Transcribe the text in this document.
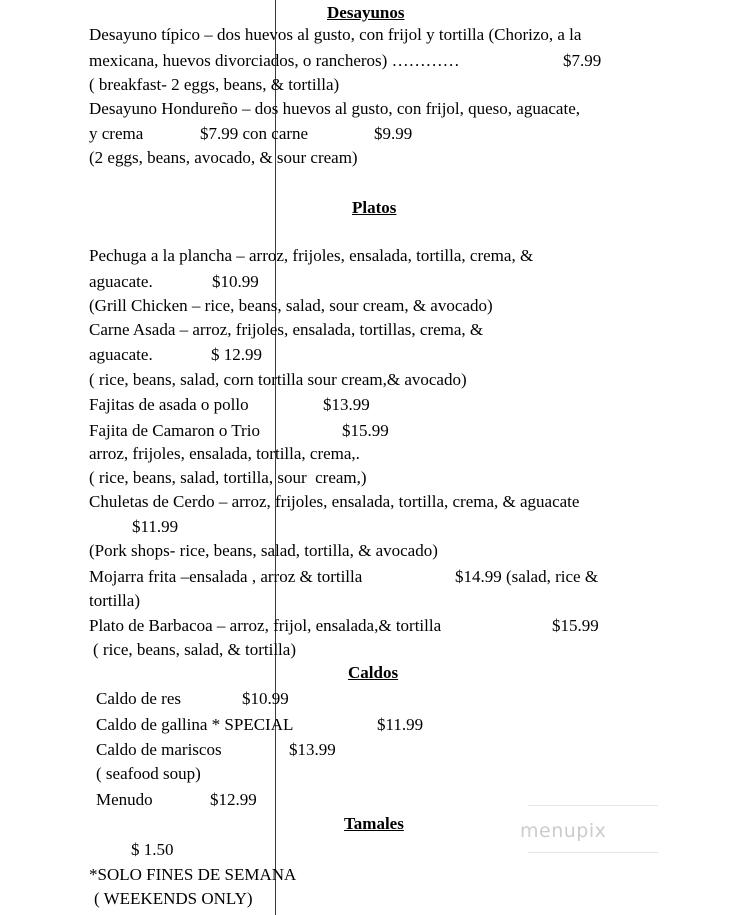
Desayunos
Desayuno típico – dos huevos al gusto, con frijol y tortilla (Chorizo, a la
mexicana, huevos divorciados, o rancheros) …………	$7.99
( breakfast- 2 eggs, beans, & tortilla)
Desayuno Hondureño – dos huevos al gusto, con frijol, queso, aguacate,
y crema	$7.99 con carne	$9.99
(2 eggs, beans, avocado, & sour cream)
Platos
Pechuga a la plancha – arroz, frijoles, ensalada, tortilla, crema, &
aguacate.	$10.99
(Grill Chicken – rice, beans, salad, sour cream, & avocado)
Carne Asada – arroz, frijoles, ensalada, tortillas, crema, &
aguacate.	$ 12.99
( rice, beans, salad, corn tortilla sour cream,& avocado)
Fajitas de asada o pollo	$13.99
Fajita de Camaron o Trio	$15.99
arroz, frijoles, ensalada, tortilla, crema,.
( rice, beans, salad, tortilla, sour  cream,)
Chuletas de Cerdo – arroz, frijoles, ensalada, tortilla, crema, & aguacate
$11.99
(Pork shops- rice, beans, salad, tortilla, & avocado)
Mojarra frita –ensalada , arroz & tortilla	$14.99 (salad, rice &
tortilla)
Plato de Barbacoa – arroz, frijol, ensalada,& tortilla	$15.99
( rice, beans, salad, & tortilla)
Caldos
Caldo de res	$10.99
Caldo de gallina * SPECIAL	$11.99
Caldo de mariscos	$13.99
( seafood soup)
Menudo	$12.99
Tamales
$ 1.50
*SOLO FINES DE SEMANA
( WEEKENDS ONLY)
menupix
